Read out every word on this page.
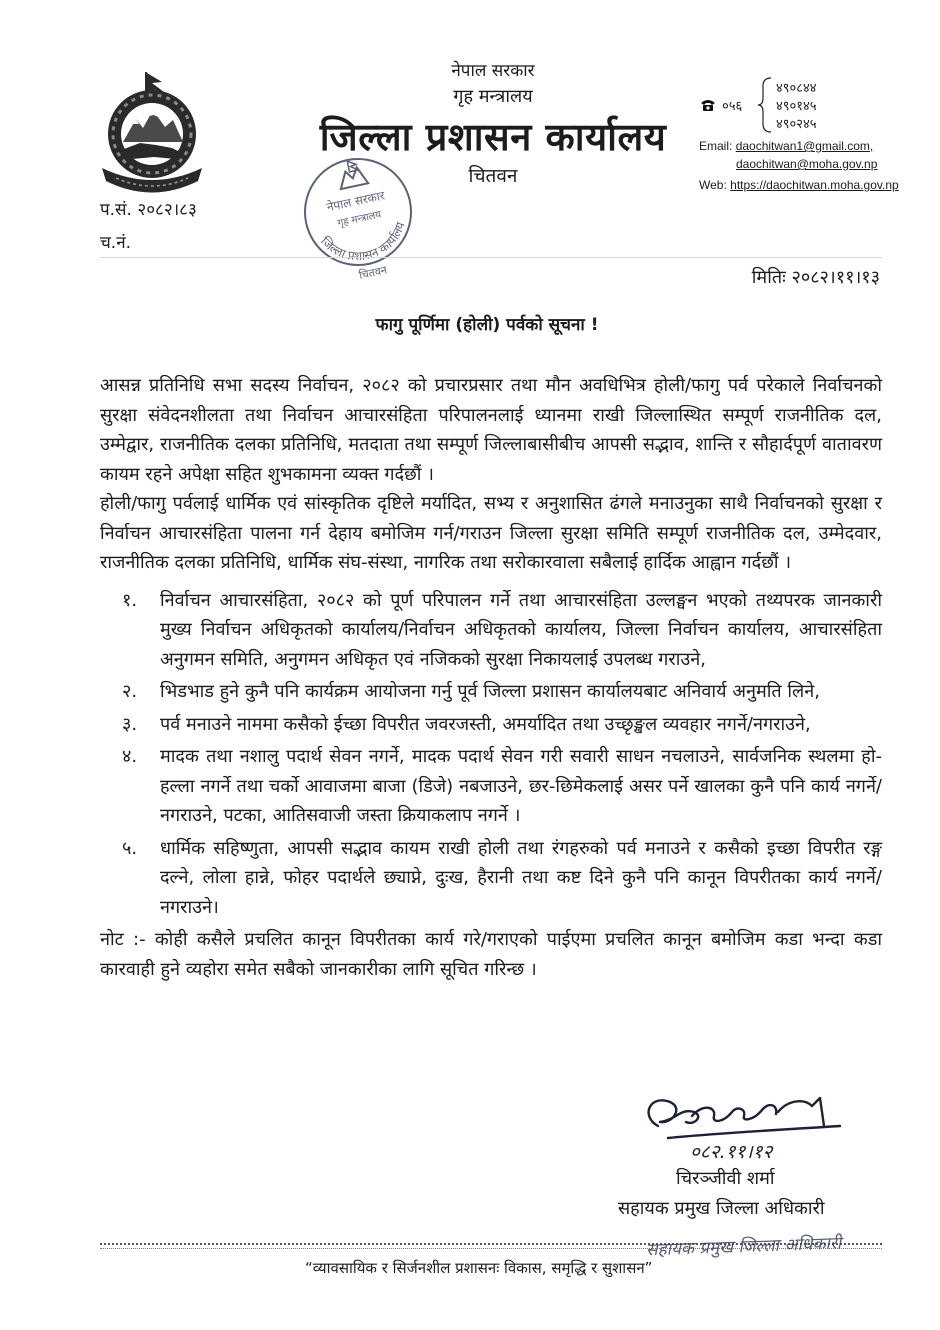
नेपाल सरकार
गृह मन्त्रालय
जिल्ला प्रशासन कार्यालय
चितवन
प.सं. २०८२।८३
च.नं.
नेपाल सरकार
गृह मन्त्रालय
जिल्ला प्रशासन कार्यालय
चितवन
०५६
४९०८४४
४९०१४५
४९०२४५
Email: daochitwan1@gmail.com,
daochitwan@moha.gov.np
Web: https://daochitwan.moha.gov.np
मितिः २०८२।११।१३
फागु पूर्णिमा (होली) पर्वको सूचना !

आसन्न प्रतिनिधि सभा सदस्य निर्वाचन, २०८२ को प्रचारप्रसार तथा मौन अवधिभित्र होली/फागु पर्व परेकाले निर्वाचनको सुरक्षा संवेदनशीलता तथा निर्वाचन आचारसंहिता परिपालनलाई ध्यानमा राखी जिल्लास्थित सम्पूर्ण राजनीतिक दल, उम्मेद्वार, राजनीतिक दलका प्रतिनिधि, मतदाता तथा सम्पूर्ण जिल्लाबासीबीच आपसी सद्भाव, शान्ति र सौहार्दपूर्ण वातावरण कायम रहने अपेक्षा सहित शुभकामना व्यक्त गर्दछौं ।

होली/फागु पर्वलाई धार्मिक एवं सांस्कृतिक दृष्टिले मर्यादित, सभ्य र अनुशासित ढंगले मनाउनुका साथै निर्वाचनको सुरक्षा र निर्वाचन आचारसंहिता पालना गर्न देहाय बमोजिम गर्न/गराउन जिल्ला सुरक्षा समिति सम्पूर्ण राजनीतिक दल, उम्मेदवार, राजनीतिक दलका प्रतिनिधि, धार्मिक संघ-संस्था, नागरिक तथा सरोकारवाला सबैलाई हार्दिक आह्वान गर्दछौं ।

१. निर्वाचन आचारसंहिता, २०८२ को पूर्ण परिपालन गर्ने तथा आचारसंहिता उल्लङ्घन भएको तथ्यपरक जानकारी मुख्य निर्वाचन अधिकृतको कार्यालय/निर्वाचन अधिकृतको कार्यालय, जिल्ला निर्वाचन कार्यालय, आचारसंहिता अनुगमन समिति, अनुगमन अधिकृत एवं नजिकको सुरक्षा निकायलाई उपलब्ध गराउने,
२. भिडभाड हुने कुनै पनि कार्यक्रम आयोजना गर्नु पूर्व जिल्ला प्रशासन कार्यालयबाट अनिवार्य अनुमति लिने,
३. पर्व मनाउने नाममा कसैको ईच्छा विपरीत जवरजस्ती, अमर्यादित तथा उच्छृङ्खल व्यवहार नगर्ने/नगराउने,
४. मादक तथा नशालु पदार्थ सेवन नगर्ने, मादक पदार्थ सेवन गरी सवारी साधन नचलाउने, सार्वजनिक स्थलमा हो-हल्ला नगर्ने तथा चर्को आवाजमा बाजा (डिजे) नबजाउने, छर-छिमेकलाई असर पर्ने खालका कुनै पनि कार्य नगर्ने/नगराउने, पटका, आतिसवाजी जस्ता क्रियाकलाप नगर्ने ।
५. धार्मिक सहिष्णुता, आपसी सद्भाव कायम राखी होली तथा रंगहरुको पर्व मनाउने र कसैको इच्छा विपरीत रङ्ग दल्ने, लोला हान्ने, फोहर पदार्थले छ्याप्ने, दुःख, हैरानी तथा कष्ट दिने कुनै पनि कानून विपरीतका कार्य नगर्ने/नगराउने।

नोट :- कोही कसैले प्रचलित कानून विपरीतका कार्य गरे/गराएको पाईएमा प्रचलित कानून बमोजिम कडा भन्दा कडा कारवाही हुने व्यहोरा समेत सबैको जानकारीका लागि सूचित गरिन्छ ।

०८२.११।१२
चिरञ्जीवी शर्मा
सहायक प्रमुख जिल्ला अधिकारी
“व्यावसायिक र सिर्जनशील प्रशासनः विकास, समृद्धि र सुशासन”
सहायक प्रमुख जिल्ला अधिकारी
